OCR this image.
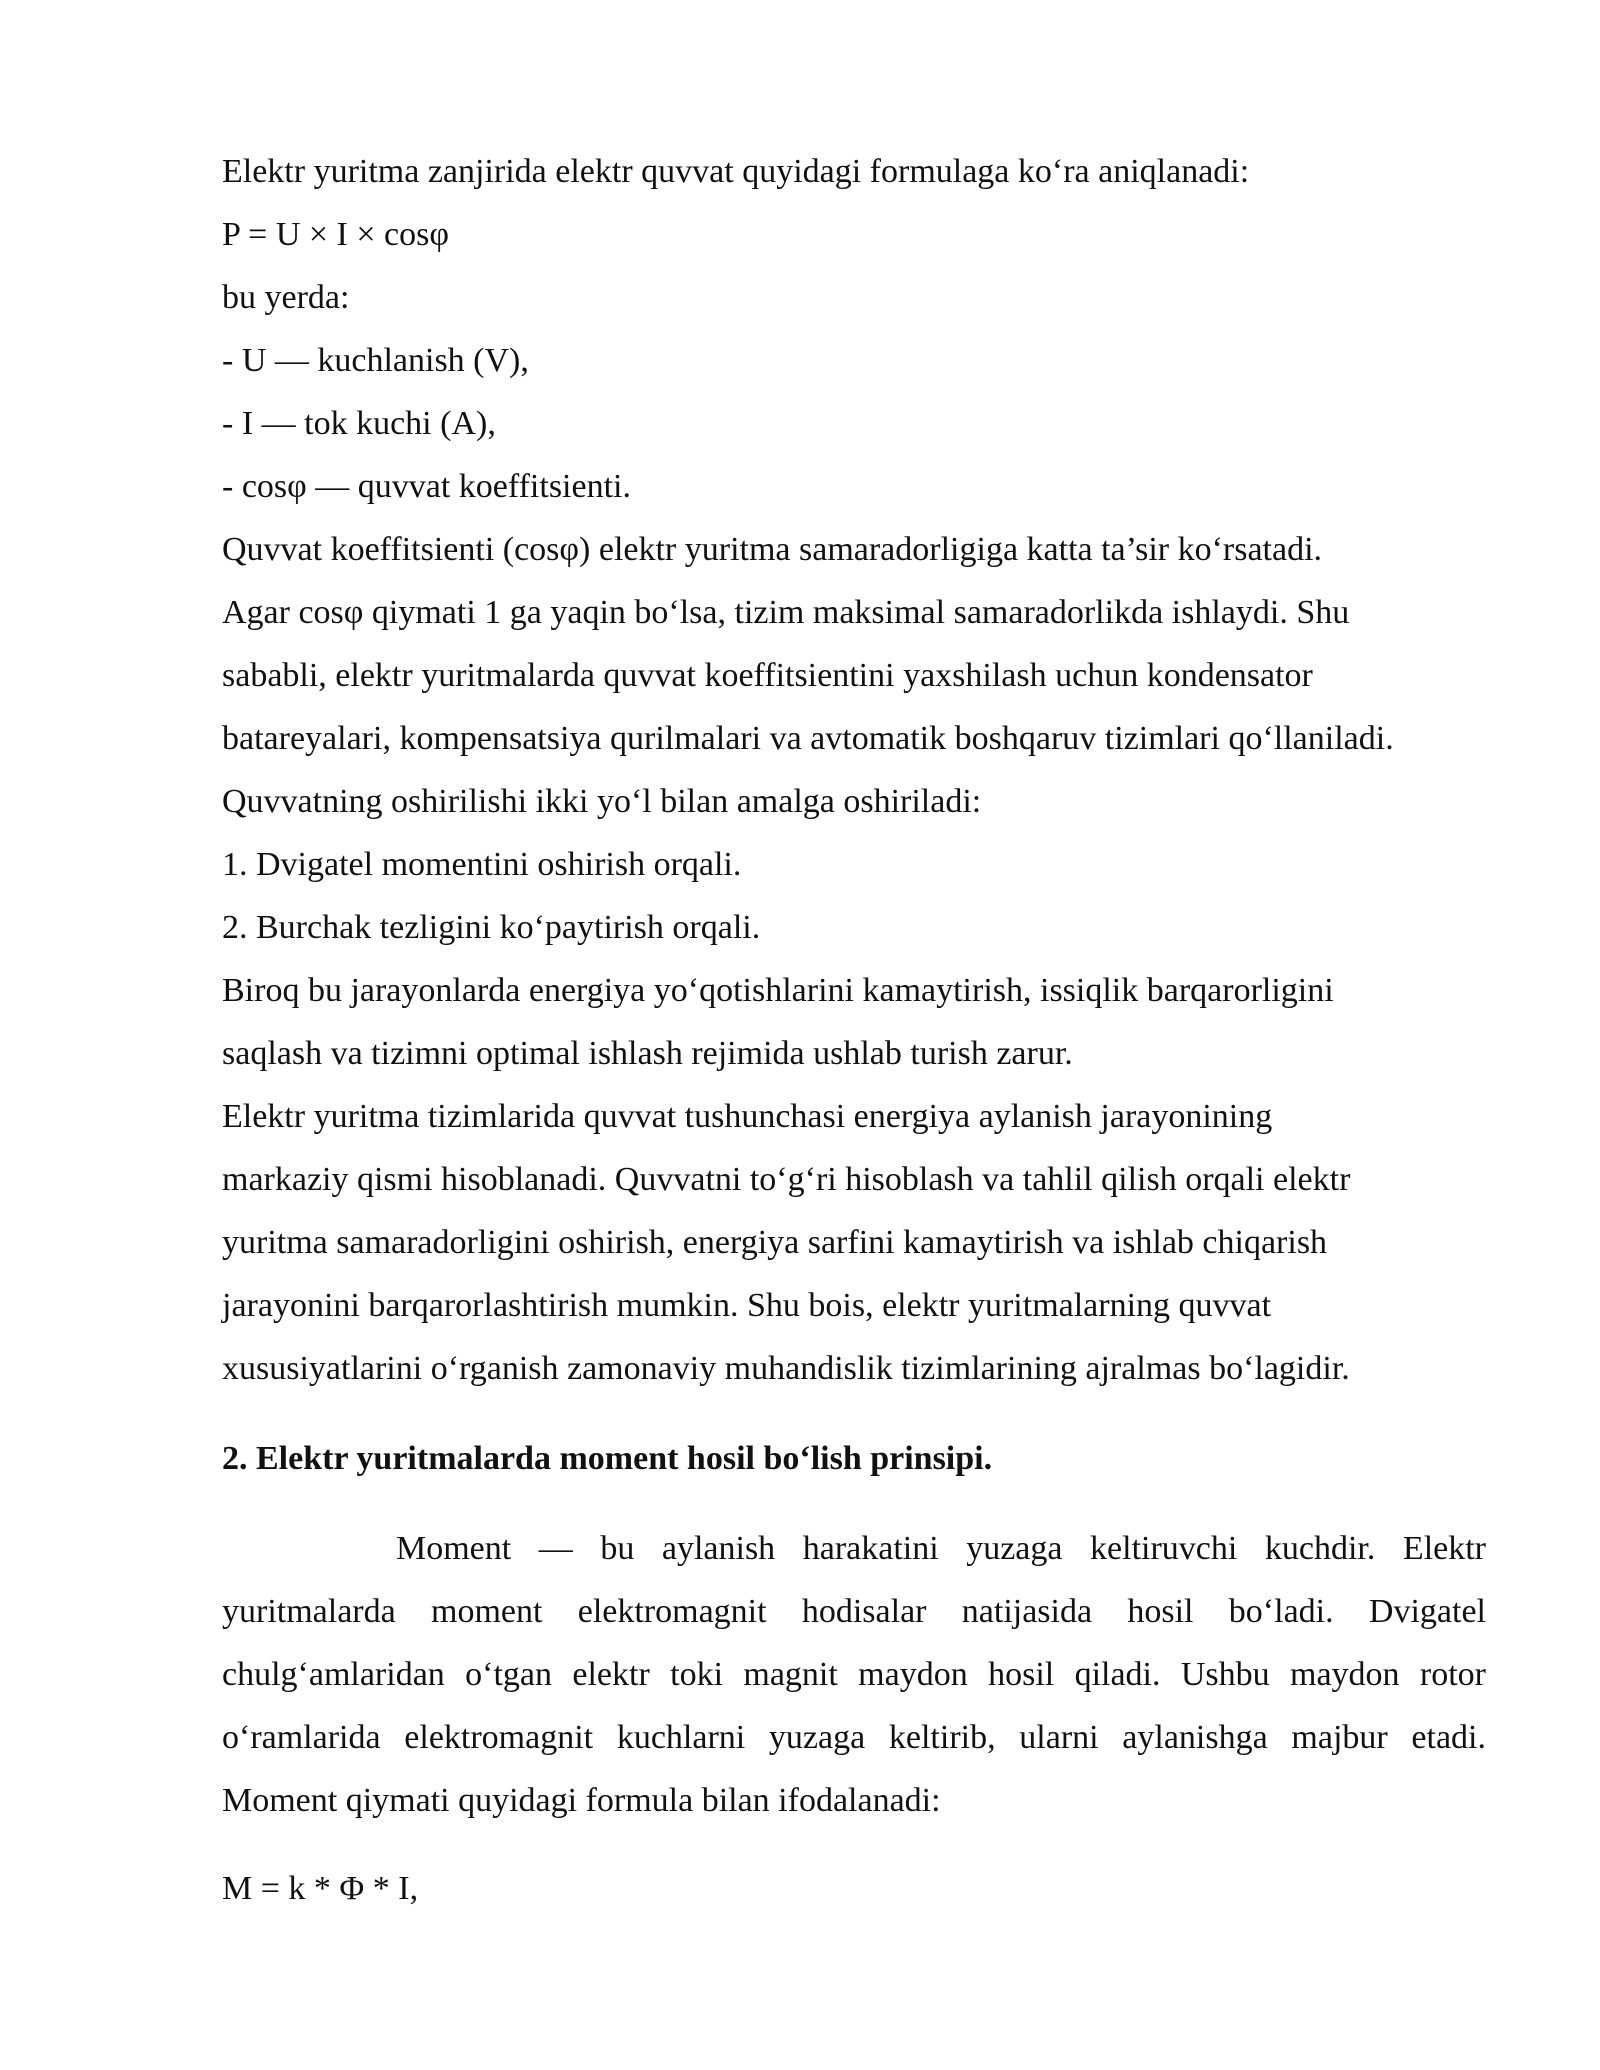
Elektr yuritma zanjirida elektr quvvat quyidagi formulaga ko‘ra aniqlanadi:

P = U × I × cosφ

bu yerda:

- U — kuchlanish (V),

- I — tok kuchi (A),

- cosφ — quvvat koeffitsienti.

Quvvat koeffitsienti (cosφ) elektr yuritma samaradorligiga katta ta’sir ko‘rsatadi.

Agar cosφ qiymati 1 ga yaqin bo‘lsa, tizim maksimal samaradorlikda ishlaydi. Shu

sababli, elektr yuritmalarda quvvat koeffitsientini yaxshilash uchun kondensator

batareyalari, kompensatsiya qurilmalari va avtomatik boshqaruv tizimlari qo‘llaniladi.

Quvvatning oshirilishi ikki yo‘l bilan amalga oshiriladi:

1. Dvigatel momentini oshirish orqali.

2. Burchak tezligini ko‘paytirish orqali.

Biroq bu jarayonlarda energiya yo‘qotishlarini kamaytirish, issiqlik barqarorligini

saqlash va tizimni optimal ishlash rejimida ushlab turish zarur.

Elektr yuritma tizimlarida quvvat tushunchasi energiya aylanish jarayonining

markaziy qismi hisoblanadi. Quvvatni to‘g‘ri hisoblash va tahlil qilish orqali elektr

yuritma samaradorligini oshirish, energiya sarfini kamaytirish va ishlab chiqarish

jarayonini barqarorlashtirish mumkin. Shu bois, elektr yuritmalarning quvvat

xususiyatlarini o‘rganish zamonaviy muhandislik tizimlarining ajralmas bo‘lagidir.

2. Elektr yuritmalarda moment hosil bo‘lish prinsipi.

Moment — bu aylanish harakatini yuzaga keltiruvchi kuchdir. Elektr yuritmalarda moment elektromagnit hodisalar natijasida hosil bo‘ladi. Dvigatel chulg‘amlaridan o‘tgan elektr toki magnit maydon hosil qiladi. Ushbu maydon rotor o‘ramlarida elektromagnit kuchlarni yuzaga keltirib, ularni aylanishga majbur etadi. Moment qiymati quyidagi formula bilan ifodalanadi:

M = k * Φ * I,
